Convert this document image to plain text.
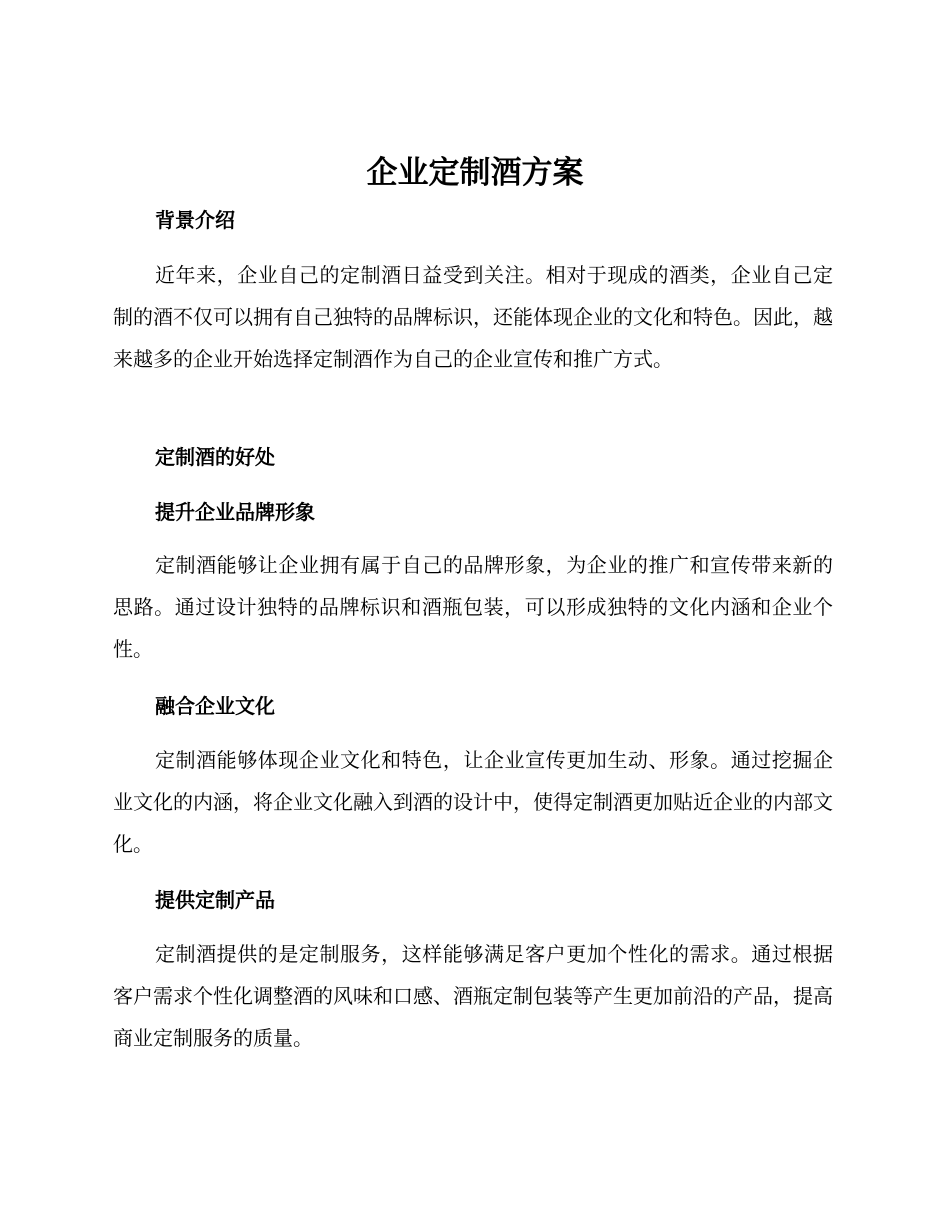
企业定制酒方案
背景介绍

近年来，企业自己的定制酒日益受到关注。相对于现成的酒类，企业自己定制的酒不仅可以拥有自己独特的品牌标识，还能体现企业的文化和特色。因此，越来越多的企业开始选择定制酒作为自己的企业宣传和推广方式。

定制酒的好处
提升企业品牌形象

定制酒能够让企业拥有属于自己的品牌形象，为企业的推广和宣传带来新的思路。通过设计独特的品牌标识和酒瓶包装，可以形成独特的文化内涵和企业个性。

融合企业文化

定制酒能够体现企业文化和特色，让企业宣传更加生动、形象。通过挖掘企业文化的内涵，将企业文化融入到酒的设计中，使得定制酒更加贴近企业的内部文化。

提供定制产品

定制酒提供的是定制服务，这样能够满足客户更加个性化的需求。通过根据客户需求个性化调整酒的风味和口感、酒瓶定制包装等产生更加前沿的产品，提高商业定制服务的质量。
